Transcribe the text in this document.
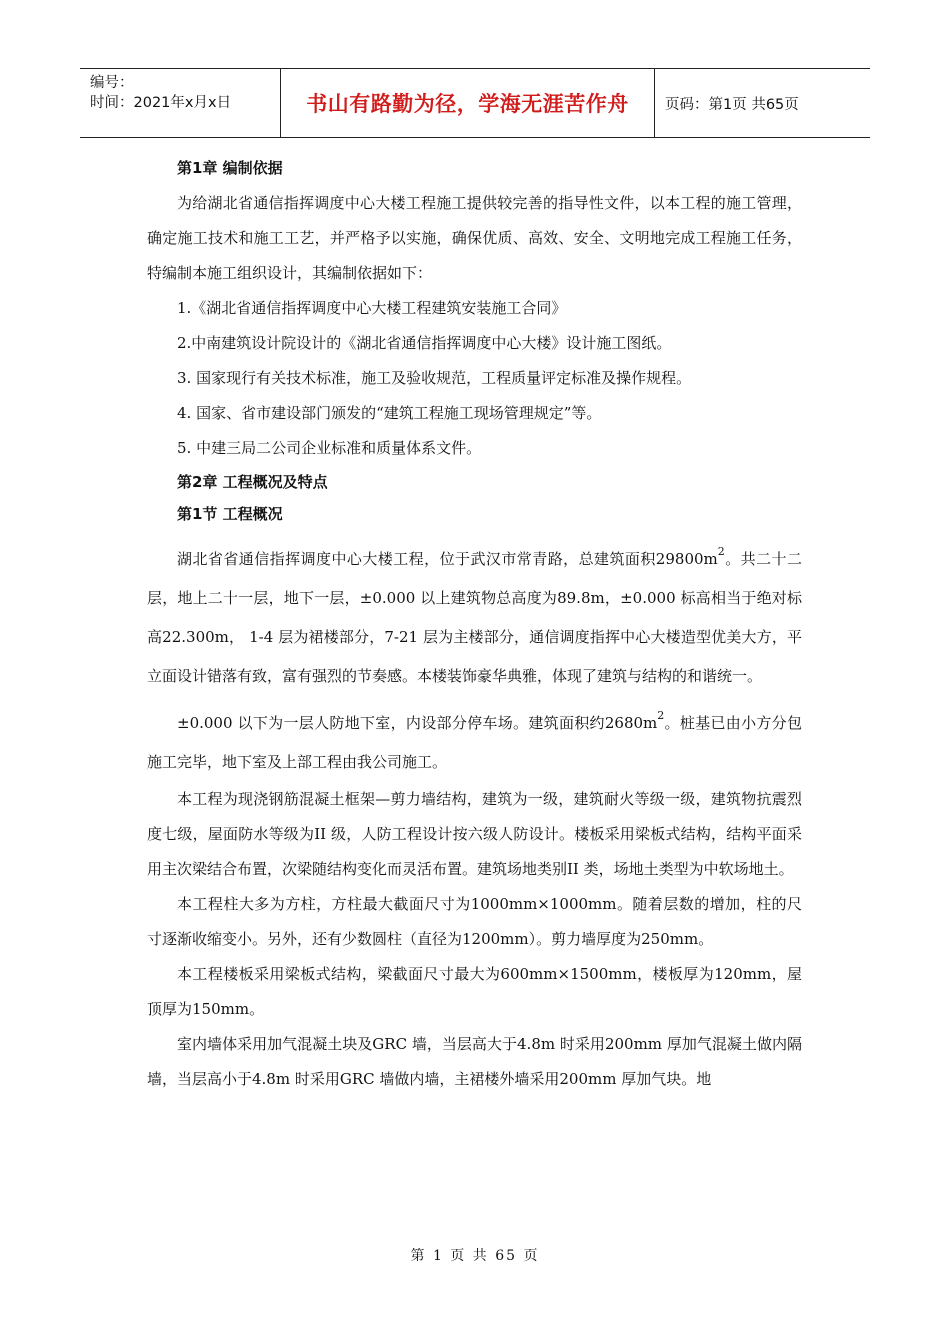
编号：
时间：2021年x月x日	书山有路勤为径，学海无涯苦作舟	页码：第1页 共65页
第1章 编制依据

为给湖北省通信指挥调度中心大楼工程施工提供较完善的指导性文件，以本工程的施工管理，确定施工技术和施工工艺，并严格予以实施，确保优质、高效、安全、文明地完成工程施工任务，特编制本施工组织设计，其编制依据如下：

1.《湖北省通信指挥调度中心大楼工程建筑安装施工合同》

2.中南建筑设计院设计的《湖北省通信指挥调度中心大楼》设计施工图纸。

3. 国家现行有关技术标准，施工及验收规范，工程质量评定标准及操作规程。

4. 国家、省市建设部门颁发的“建筑工程施工现场管理规定”等。

5. 中建三局二公司企业标准和质量体系文件。

第2章 工程概况及特点
第1节 工程概况

湖北省省通信指挥调度中心大楼工程，位于武汉市常青路，总建筑面积$29800m^2$。共二十二层，地上二十一层，地下一层，±0.000 以上建筑物总高度为89.8m，±0.000 标高相当于绝对标高22.300m， 1-4 层为裙楼部分，7-21 层为主楼部分，通信调度指挥中心大楼造型优美大方，平立面设计错落有致，富有强烈的节奏感。本楼装饰豪华典雅，体现了建筑与结构的和谐统一。

±0.000 以下为一层人防地下室，内设部分停车场。建筑面积约$2680m^2$。桩基已由小方分包施工完毕，地下室及上部工程由我公司施工。

本工程为现浇钢筋混凝土框架—剪力墙结构，建筑为一级，建筑耐火等级一级，建筑物抗震烈度七级，屋面防水等级为II 级，人防工程设计按六级人防设计。楼板采用梁板式结构，结构平面采用主次梁结合布置，次梁随结构变化而灵活布置。建筑场地类别II 类，场地土类型为中软场地土。

本工程柱大多为方柱，方柱最大截面尺寸为1000mm×1000mm。随着层数的增加，柱的尺寸逐渐收缩变小。另外，还有少数圆柱（直径为1200mm）。剪力墙厚度为250mm。

本工程楼板采用梁板式结构，梁截面尺寸最大为600mm×1500mm，楼板厚为120mm，屋顶厚为150mm。

室内墙体采用加气混凝土块及GRC 墙，当层高大于4.8m 时采用200mm 厚加气混凝土做内隔墙，当层高小于4.8m 时采用GRC 墙做内墙，主裙楼外墙采用200mm 厚加气块。地

第 1 页 共 65 页
